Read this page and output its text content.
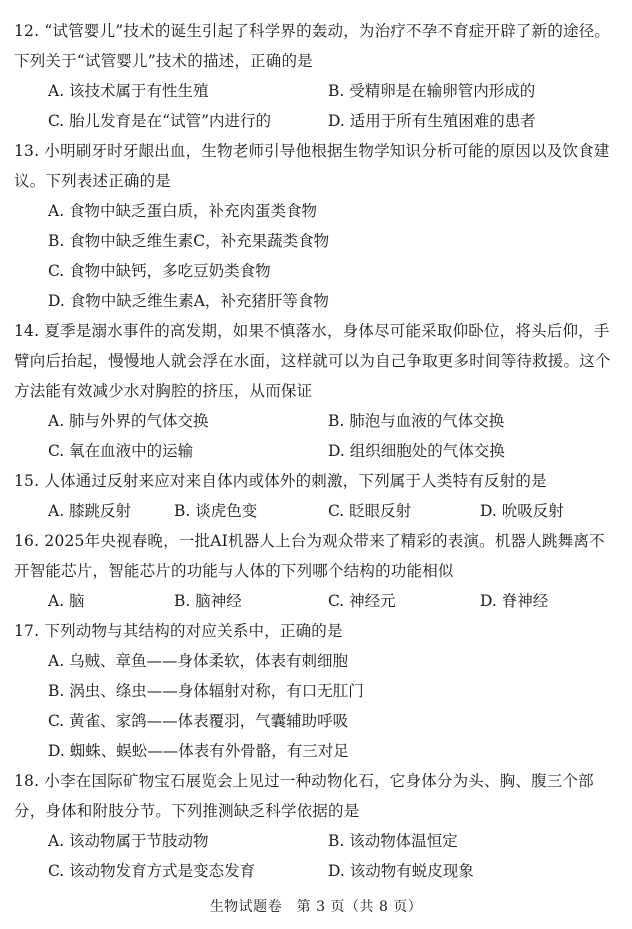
12. “试管婴儿”技术的诞生引起了科学界的轰动，为治疗不孕不育症开辟了新的途径。下列关于“试管婴儿”技术的描述，正确的是

A. 该技术属于有性生殖	B. 受精卵是在输卵管内形成的
C. 胎儿发育是在“试管”内进行的	D. 适用于所有生殖困难的患者

13. 小明刷牙时牙龈出血，生物老师引导他根据生物学知识分析可能的原因以及饮食建议。下列表述正确的是

A. 食物中缺乏蛋白质，补充肉蛋类食物
B. 食物中缺乏维生素C，补充果蔬类食物
C. 食物中缺钙，多吃豆奶类食物
D. 食物中缺乏维生素A，补充猪肝等食物

14. 夏季是溺水事件的高发期，如果不慎落水，身体尽可能采取仰卧位，将头后仰，手臂向后抬起，慢慢地人就会浮在水面，这样就可以为自己争取更多时间等待救援。这个方法能有效减少水对胸腔的挤压，从而保证

A. 肺与外界的气体交换	B. 肺泡与血液的气体交换
C. 氧在血液中的运输	D. 组织细胞处的气体交换

15. 人体通过反射来应对来自体内或体外的刺激，下列属于人类特有反射的是

A. 膝跳反射	B. 谈虎色变	C. 眨眼反射	D. 吮吸反射

16. 2025年央视春晚，一批AI机器人上台为观众带来了精彩的表演。机器人跳舞离不开智能芯片，智能芯片的功能与人体的下列哪个结构的功能相似

A. 脑	B. 脑神经	C. 神经元	D. 脊神经

17. 下列动物与其结构的对应关系中，正确的是

A. 乌贼、章鱼——身体柔软，体表有刺细胞
B. 涡虫、绦虫——身体辐射对称，有口无肛门
C. 黄雀、家鸽——体表覆羽，气囊辅助呼吸
D. 蜘蛛、蜈蚣——体表有外骨骼，有三对足

18. 小李在国际矿物宝石展览会上见过一种动物化石，它身体分为头、胸、腹三个部分，身体和附肢分节。下列推测缺乏科学依据的是

A. 该动物属于节肢动物	B. 该动物体温恒定
C. 该动物发育方式是变态发育	D. 该动物有蜕皮现象
生物试题卷　第 3 页（共 8 页）
